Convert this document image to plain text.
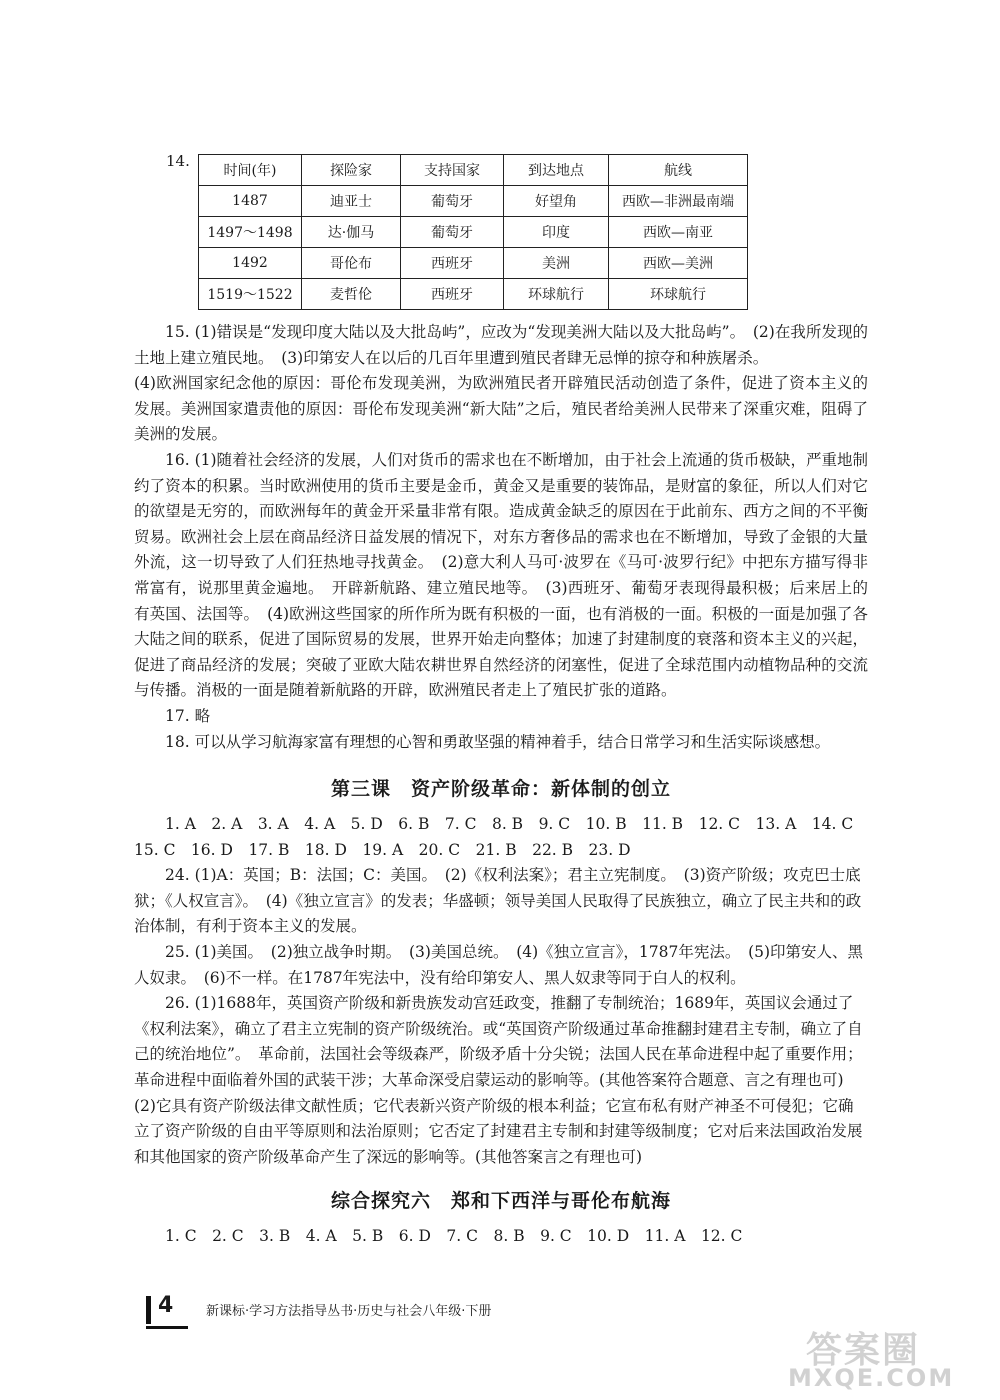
14.
时间(年)	探险家	支持国家	到达地点	航线
1487	迪亚士	葡萄牙	好望角	西欧—非洲最南端
1497～1498	达·伽马	葡萄牙	印度	西欧—南亚
1492	哥伦布	西班牙	美洲	西欧—美洲
1519～1522	麦哲伦	西班牙	环球航行	环球航行

15. (1)错误是“发现印度大陆以及大批岛屿”，应改为“发现美洲大陆以及大批岛屿”。　(2)在我所发现的土地上建立殖民地。　(3)印第安人在以后的几百年里遭到殖民者肆无忌惮的掠夺和种族屠杀。

(4)欧洲国家纪念他的原因：哥伦布发现美洲，为欧洲殖民者开辟殖民活动创造了条件，促进了资本主义的发展。美洲国家遣责他的原因：哥伦布发现美洲“新大陆”之后，殖民者给美洲人民带来了深重灾难，阻碍了美洲的发展。

16. (1)随着社会经济的发展，人们对货币的需求也在不断增加，由于社会上流通的货币极缺，严重地制约了资本的积累。当时欧洲使用的货币主要是金币，黄金又是重要的装饰品，是财富的象征，所以人们对它的欲望是无穷的，而欧洲每年的黄金开采量非常有限。造成黄金缺乏的原因在于此前东、西方之间的不平衡贸易。欧洲社会上层在商品经济日益发展的情况下，对东方奢侈品的需求也在不断增加，导致了金银的大量外流，这一切导致了人们狂热地寻找黄金。　(2)意大利人马可·波罗在《马可·波罗行纪》中把东方描写得非常富有，说那里黄金遍地。　开辟新航路、建立殖民地等。　(3)西班牙、葡萄牙表现得最积极；后来居上的有英国、法国等。　(4)欧洲这些国家的所作所为既有积极的一面，也有消极的一面。积极的一面是加强了各大陆之间的联系，促进了国际贸易的发展，世界开始走向整体；加速了封建制度的衰落和资本主义的兴起，促进了商品经济的发展；突破了亚欧大陆农耕世界自然经济的闭塞性，促进了全球范围内动植物品种的交流与传播。消极的一面是随着新航路的开辟，欧洲殖民者走上了殖民扩张的道路。

17. 略

18. 可以从学习航海家富有理想的心智和勇敢坚强的精神着手，结合日常学习和生活实际谈感想。

第三课　资产阶级革命：新体制的创立

1. A　2. A　3. A　4. A　5. D　6. B　7. C　8. B　9. C　10. B　11. B　12. C　13. A　14. C

15. C　16. D　17. B　18. D　19. A　20. C　21. B　22. B　23. D

24. (1)A：英国；B：法国；C：美国。　(2)《权利法案》；君主立宪制度。　(3)资产阶级；攻克巴士底狱；《人权宣言》。　(4)《独立宣言》的发表；华盛顿；领导美国人民取得了民族独立，确立了民主共和的政治体制，有利于资本主义的发展。

25. (1)美国。　(2)独立战争时期。　(3)美国总统。　(4)《独立宣言》，1787年宪法。　(5)印第安人、黑人奴隶。　(6)不一样。在1787年宪法中，没有给印第安人、黑人奴隶等同于白人的权利。

26. (1)1688年，英国资产阶级和新贵族发动宫廷政变，推翻了专制统治；1689年，英国议会通过了《权利法案》，确立了君主立宪制的资产阶级统治。或“英国资产阶级通过革命推翻封建君主专制，确立了自己的统治地位”。　革命前，法国社会等级森严，阶级矛盾十分尖锐；法国人民在革命进程中起了重要作用；革命进程中面临着外国的武装干涉；大革命深受启蒙运动的影响等。(其他答案符合题意、言之有理也可)

(2)它具有资产阶级法律文献性质；它代表新兴资产阶级的根本利益；它宣布私有财产神圣不可侵犯；它确立了资产阶级的自由平等原则和法治原则；它否定了封建君主专制和封建等级制度；它对后来法国政治发展和其他国家的资产阶级革命产生了深远的影响等。(其他答案言之有理也可)

综合探究六　郑和下西洋与哥伦布航海

1. C　2. C　3. B　4. A　5. B　6. D　7. C　8. B　9. C　10. D　11. A　12. C

4	新课标·学习方法指导丛书·历史与社会八年级·下册
答案圈
MXQE.COM
